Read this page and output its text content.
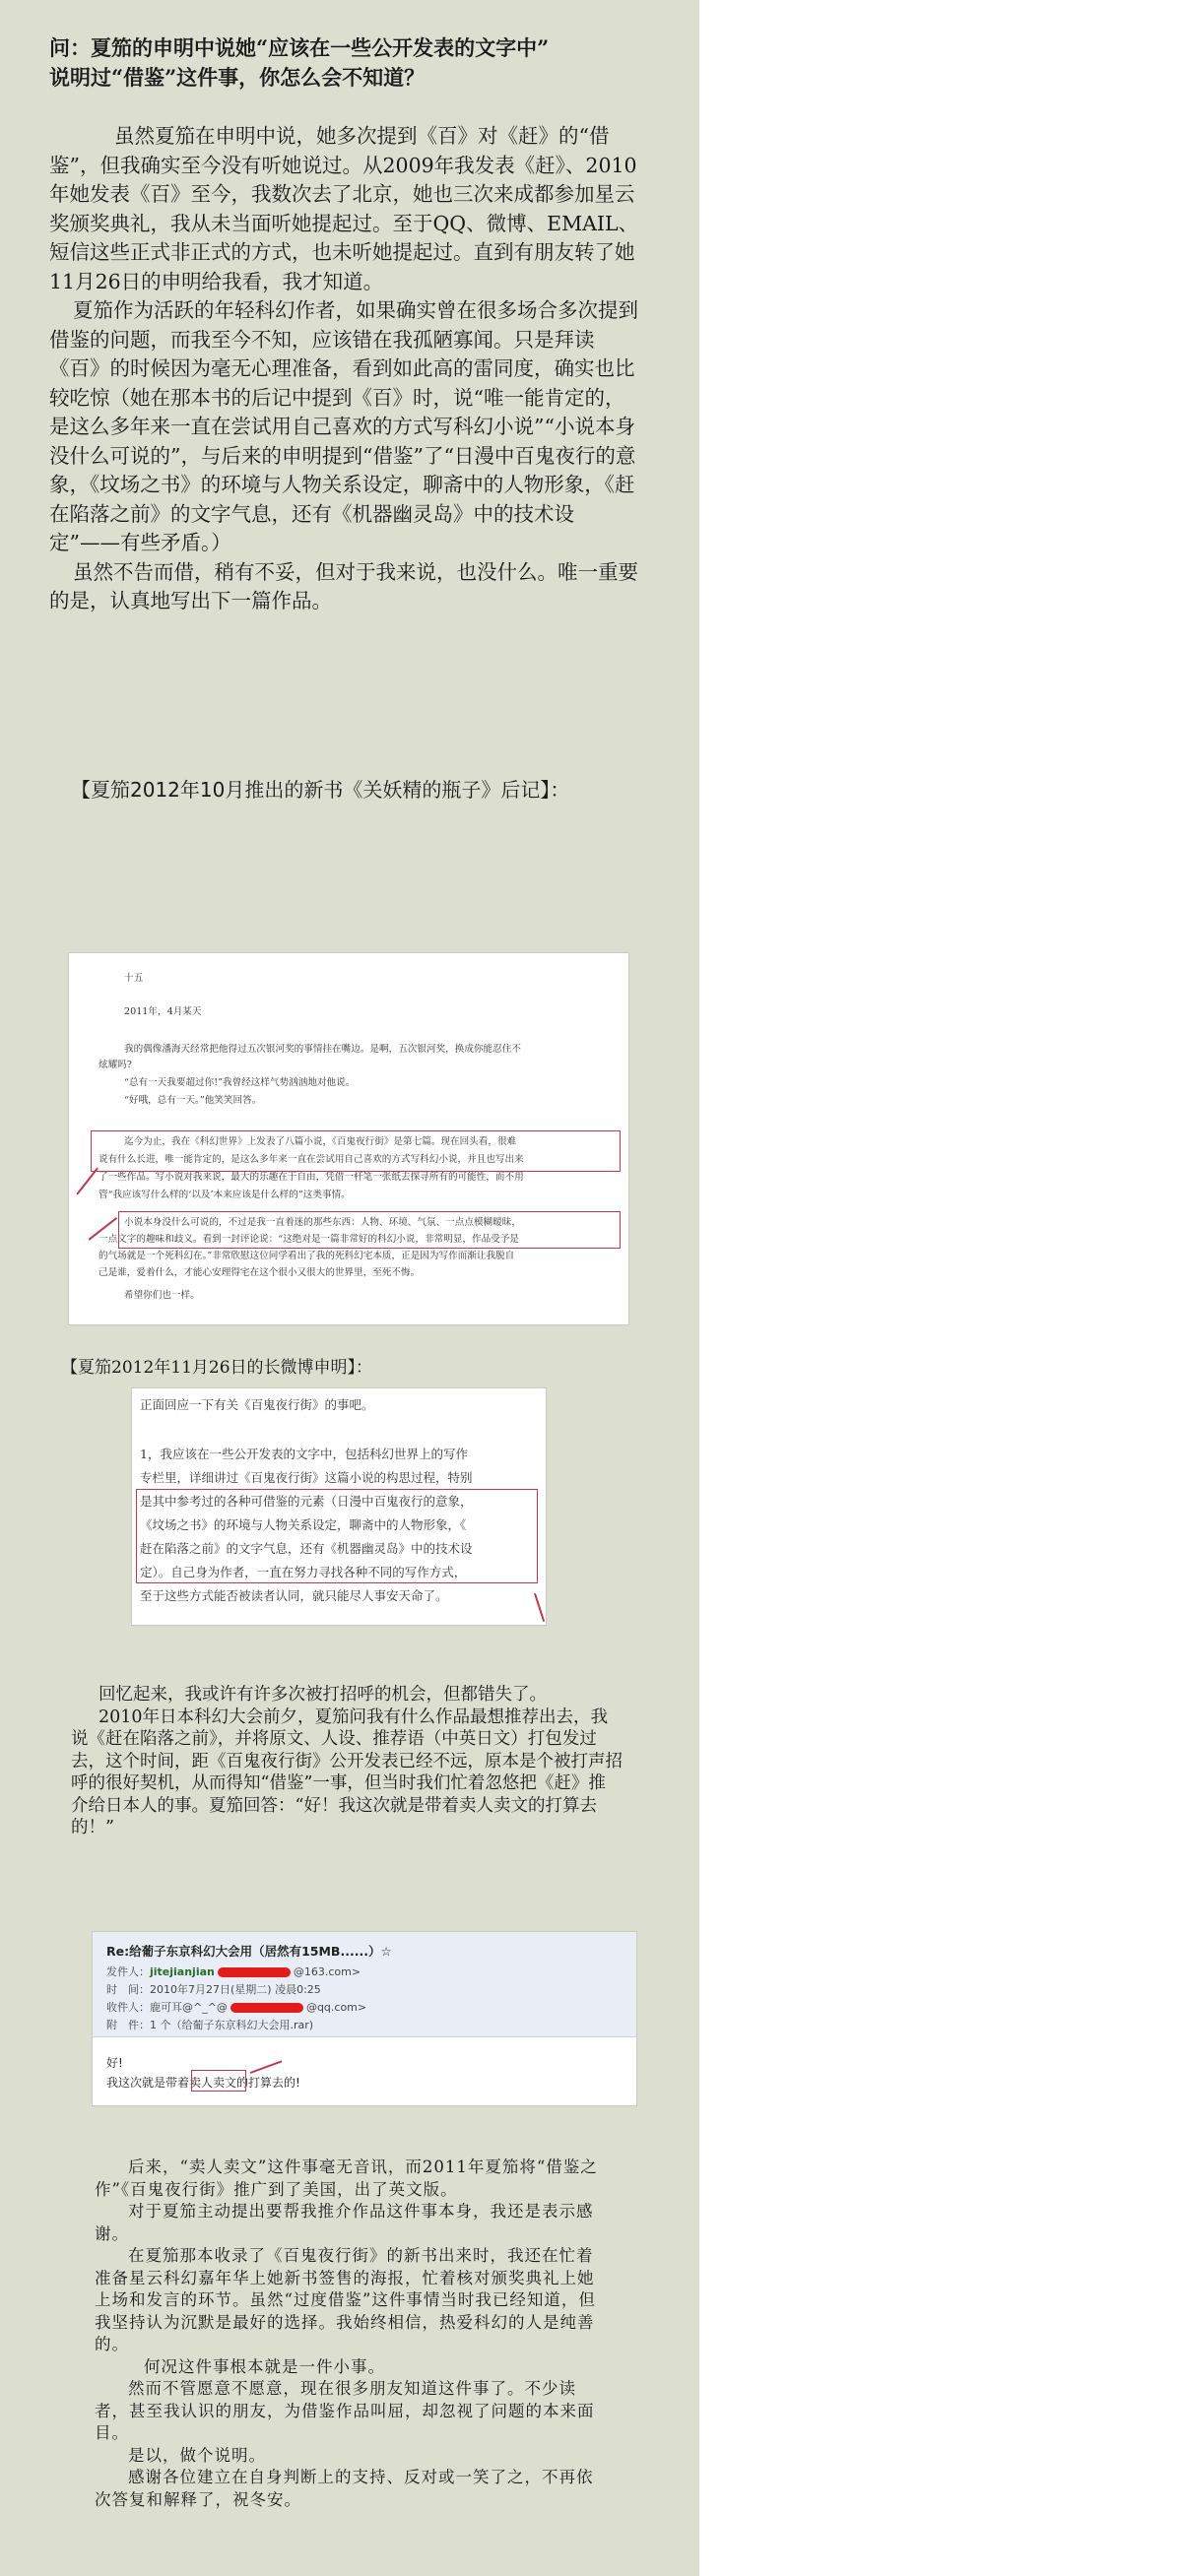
问：夏笳的申明中说她“应该在一些公开发表的文字中”
说明过“借鉴”这件事，你怎么会不知道？

虽然夏笳在申明中说，她多次提到《百》对《赶》的“借鉴”，但我确实至今没有听她说过。从2009年我发表《赶》、2010年她发表《百》至今，我数次去了北京，她也三次来成都参加星云奖颁奖典礼，我从未当面听她提起过。至于QQ、微博、EMAIL、短信这些正式非正式的方式，也未听她提起过。直到有朋友转了她11月26日的申明给我看，我才知道。

夏笳作为活跃的年轻科幻作者，如果确实曾在很多场合多次提到借鉴的问题，而我至今不知，应该错在我孤陋寡闻。只是拜读《百》的时候因为毫无心理准备，看到如此高的雷同度，确实也比较吃惊（她在那本书的后记中提到《百》时，说“唯一能肯定的，是这么多年来一直在尝试用自己喜欢的方式写科幻小说”“小说本身没什么可说的”，与后来的申明提到“借鉴”了“日漫中百鬼夜行的意象，《坟场之书》的环境与人物关系设定，聊斋中的人物形象，《赶在陷落之前》的文字气息，还有《机器幽灵岛》中的技术设定”——有些矛盾。）

虽然不告而借，稍有不妥，但对于我来说，也没什么。唯一重要的是，认真地写出下一篇作品。

【夏笳2012年10月推出的新书《关妖精的瓶子》后记】：
十五
2011年，4月某天
我的偶像潘海天经常把他得过五次银河奖的事情挂在嘴边。是啊，五次银河奖，换成你能忍住不
炫耀吗?
“总有一天我要超过你!”我曾经这样气势汹汹地对他说。
“好哦，总有一天。”他笑笑回答。
迄今为止，我在《科幻世界》上发表了八篇小说，《百鬼夜行街》是第七篇。现在回头看，很难
说有什么长进，唯一能肯定的，是这么多年来一直在尝试用自己喜欢的方式写科幻小说，并且也写出来
了一些作品。写小说对我来说，最大的乐趣在于自由，凭借一杆笔一张纸去探寻所有的可能性，而不用
管“我应该写什么样的‘以及’本来应该是什么样的”这类事情。
小说本身没什么可说的，不过是我一直着迷的那些东西：人物、环境、气氛、一点点模糊暧昧，
一点文字的趣味和歧义。看到一封评论说：“这绝对是一篇非常好的科幻小说，非常明显，作品受予是
的气场就是一个死科幻在。”非常欣慰这位同学看出了我的死科幻宅本质，正是因为写作而渐让我脱自
己是谁，爱着什么，才能心安理得宅在这个很小又很大的世界里，至死不悔。
希望你们也一样。
【夏笳2012年11月26日的长微博申明】：
正面回应一下有关《百鬼夜行街》的事吧。
1，我应该在一些公开发表的文字中，包括科幻世界上的写作
专栏里，详细讲过《百鬼夜行街》这篇小说的构思过程，特别
是其中参考过的各种可借鉴的元素（日漫中百鬼夜行的意象，
《坟场之书》的环境与人物关系设定，聊斋中的人物形象，《
赶在陷落之前》的文字气息，还有《机器幽灵岛》中的技术设
定）。自己身为作者，一直在努力寻找各种不同的写作方式，
至于这些方式能否被读者认同，就只能尽人事安天命了。

回忆起来，我或许有许多次被打招呼的机会，但都错失了。

2010年日本科幻大会前夕，夏笳问我有什么作品最想推荐出去，我说《赶在陷落之前》，并将原文、人设、推荐语（中英日文）打包发过去，这个时间，距《百鬼夜行街》公开发表已经不远，原本是个被打声招呼的很好契机，从而得知“借鉴”一事，但当时我们忙着忽悠把《赶》推介给日本人的事。夏笳回答：“好！我这次就是带着卖人卖文的打算去的！”

Re:给葡子东京科幻大会用（居然有15MB......）☆
发件人：jitejianjian	@163.com>
时　间：2010年7月27日(星期二) 凌晨0:25
收件人：鹿可耳@^_^@	@qq.com>
附　件：1 个（给葡子东京科幻大会用.rar)
好!
我这次就是带着卖人卖文的打算去的!

后来，“卖人卖文”这件事毫无音讯，而2011年夏笳将“借鉴之作”《百鬼夜行街》推广到了美国，出了英文版。

对于夏笳主动提出要帮我推介作品这件事本身，我还是表示感谢。

在夏笳那本收录了《百鬼夜行街》的新书出来时，我还在忙着准备星云科幻嘉年华上她新书签售的海报，忙着核对颁奖典礼上她上场和发言的环节。虽然“过度借鉴”这件事情当时我已经知道，但我坚持认为沉默是最好的选择。我始终相信，热爱科幻的人是纯善的。

何况这件事根本就是一件小事。

然而不管愿意不愿意，现在很多朋友知道这件事了。不少读者，甚至我认识的朋友，为借鉴作品叫屈，却忽视了问题的本来面目。

是以，做个说明。

感谢各位建立在自身判断上的支持、反对或一笑了之，不再依次答复和解释了，祝冬安。
